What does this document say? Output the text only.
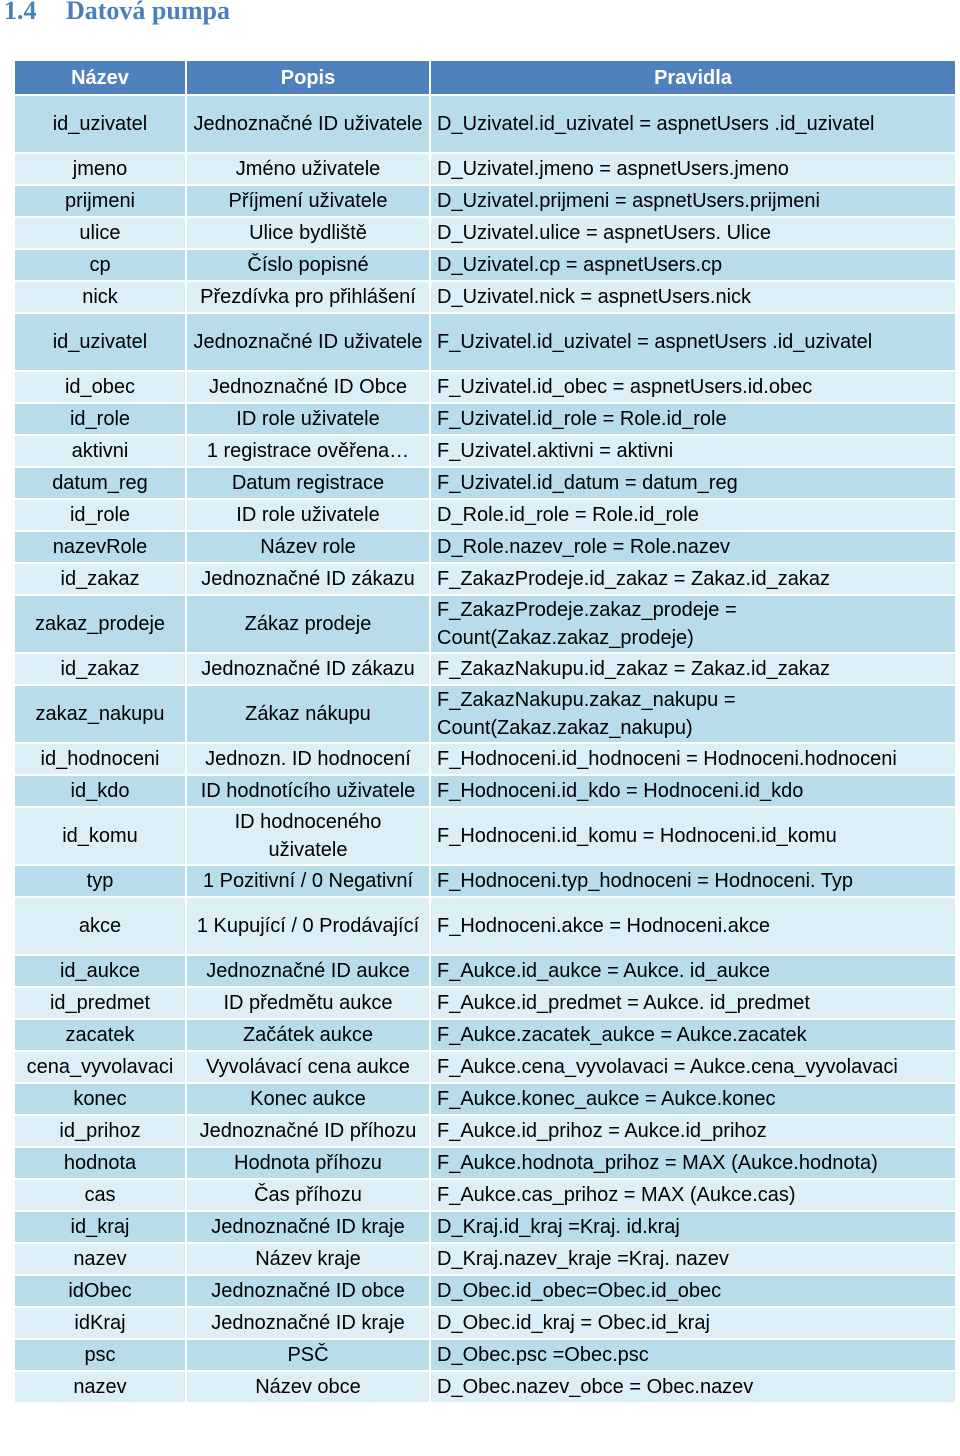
1.4 Datová pumpa
Název	Popis	Pravidla
id_uzivatel	Jednoznačné ID uživatele	D_Uzivatel.id_uzivatel = aspnetUsers .id_uzivatel
jmeno	Jméno uživatele	D_Uzivatel.jmeno = aspnetUsers.jmeno
prijmeni	Příjmení uživatele	D_Uzivatel.prijmeni = aspnetUsers.prijmeni
ulice	Ulice bydliště	D_Uzivatel.ulice = aspnetUsers. Ulice
cp	Číslo popisné	D_Uzivatel.cp = aspnetUsers.cp
nick	Přezdívka pro přihlášení	D_Uzivatel.nick = aspnetUsers.nick
id_uzivatel	Jednoznačné ID uživatele	F_Uzivatel.id_uzivatel = aspnetUsers .id_uzivatel
id_obec	Jednoznačné ID Obce	F_Uzivatel.id_obec = aspnetUsers.id.obec
id_role	ID role uživatele	F_Uzivatel.id_role = Role.id_role
aktivni	1 registrace ověřena…	F_Uzivatel.aktivni = aktivni
datum_reg	Datum registrace	F_Uzivatel.id_datum = datum_reg
id_role	ID role uživatele	D_Role.id_role = Role.id_role
nazevRole	Název role	D_Role.nazev_role = Role.nazev
id_zakaz	Jednoznačné ID zákazu	F_ZakazProdeje.id_zakaz = Zakaz.id_zakaz
zakaz_prodeje	Zákaz prodeje	F_ZakazProdeje.zakaz_prodeje = Count(Zakaz.zakaz_prodeje)
id_zakaz	Jednoznačné ID zákazu	F_ZakazNakupu.id_zakaz = Zakaz.id_zakaz
zakaz_nakupu	Zákaz nákupu	F_ZakazNakupu.zakaz_nakupu = Count(Zakaz.zakaz_nakupu)
id_hodnoceni	Jednozn. ID hodnocení	F_Hodnoceni.id_hodnoceni = Hodnoceni.hodnoceni
id_kdo	ID hodnotícího uživatele	F_Hodnoceni.id_kdo = Hodnoceni.id_kdo
id_komu	ID hodnoceného uživatele	F_Hodnoceni.id_komu = Hodnoceni.id_komu
typ	1 Pozitivní / 0 Negativní	F_Hodnoceni.typ_hodnoceni = Hodnoceni. Typ
akce	1 Kupující / 0 Prodávající	F_Hodnoceni.akce = Hodnoceni.akce
id_aukce	Jednoznačné ID aukce	F_Aukce.id_aukce = Aukce. id_aukce
id_predmet	ID předmětu aukce	F_Aukce.id_predmet = Aukce. id_predmet
zacatek	Začátek aukce	F_Aukce.zacatek_aukce = Aukce.zacatek
cena_vyvolavaci	Vyvolávací cena aukce	F_Aukce.cena_vyvolavaci = Aukce.cena_vyvolavaci
konec	Konec aukce	F_Aukce.konec_aukce = Aukce.konec
id_prihoz	Jednoznačné ID příhozu	F_Aukce.id_prihoz = Aukce.id_prihoz
hodnota	Hodnota příhozu	F_Aukce.hodnota_prihoz = MAX (Aukce.hodnota)
cas	Čas příhozu	F_Aukce.cas_prihoz = MAX (Aukce.cas)
id_kraj	Jednoznačné ID kraje	D_Kraj.id_kraj =Kraj. id.kraj
nazev	Název kraje	D_Kraj.nazev_kraje =Kraj. nazev
idObec	Jednoznačné ID obce	D_Obec.id_obec=Obec.id_obec
idKraj	Jednoznačné ID kraje	D_Obec.id_kraj = Obec.id_kraj
psc	PSČ	D_Obec.psc =Obec.psc
nazev	Název obce	D_Obec.nazev_obce = Obec.nazev
